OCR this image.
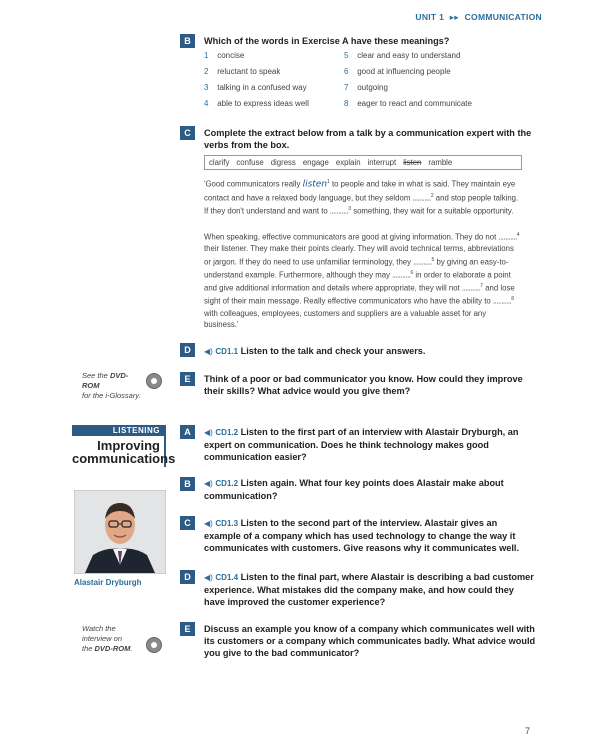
UNIT 1 ▸▸ COMMUNICATION
B	Which of the words in Exercise A have these meanings?
1 concise
2 reluctant to speak
3 talking in a confused way
4 able to express ideas well
5 clear and easy to understand
6 good at influencing people
7 outgoing
8 eager to react and communicate
C	Complete the extract below from a talk by a communication expert with the verbs from the box.
clarify confuse digress engage explain interrupt listen ramble
'Good communicators really listen$^1$ to people and take in what is said. They maintain eye contact and have a relaxed body language, but they seldom ...........$^2$ and stop people talking. If they don't understand and want to ...........$^3$ something, they wait for a suitable opportunity.
When speaking, effective communicators are good at giving information. They do not ...........$^4$ their listener. They make their points clearly. They will avoid technical terms, abbreviations or jargon. If they do need to use unfamiliar terminology, they ...........$^5$ by giving an easy-to-understand example. Furthermore, although they may ...........$^6$ in order to elaborate a point and give additional information and details where appropriate, they will not ...........$^7$ and lose sight of their main message. Really effective communicators who have the ability to ...........$^8$ with colleagues, employees, customers and suppliers are a valuable asset for any business.'
D	◀) CD1.1 Listen to the talk and check your answers.
See the DVD-ROM
for the i-Glossary.
E	Think of a poor or bad communicator you know. How could they improve their skills? What advice would you give them?
LISTENING
Improving
communications
Alastair Dryburgh
A	◀) CD1.2 Listen to the first part of an interview with Alastair Dryburgh, an expert on communication. Does he think technology makes good communication easier?
B	◀) CD1.2 Listen again. What four key points does Alastair make about communication?
C	◀) CD1.3 Listen to the second part of the interview. Alastair gives an example of a company which has used technology to change the way it communicates with customers. Give reasons why it communicates well.
D	◀) CD1.4 Listen to the final part, where Alastair is describing a bad customer experience. What mistakes did the company make, and how could they have improved the customer experience?
Watch the
interview on
the DVD-ROM.
E	Discuss an example you know of a company which communicates well with its customers or a company which communicates badly. What advice would you give to the bad communicator?
7
